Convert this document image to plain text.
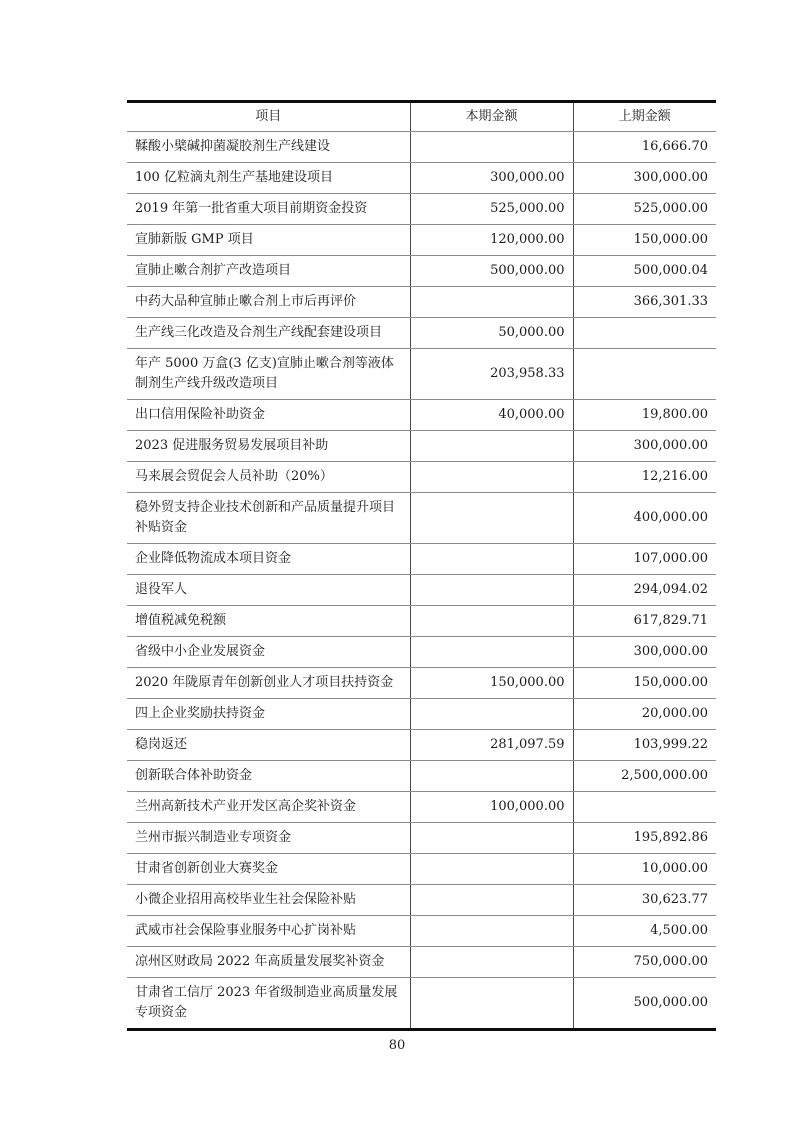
项目	本期金额	上期金额
鞣酸小檗碱抑菌凝胶剂生产线建设		16,666.70
100 亿粒滴丸剂生产基地建设项目	300,000.00	300,000.00
2019 年第一批省重大项目前期资金投资	525,000.00	525,000.00
宣肺新版 GMP 项目	120,000.00	150,000.00
宣肺止嗽合剂扩产改造项目	500,000.00	500,000.04
中药大品种宣肺止嗽合剂上市后再评价		366,301.33
生产线三化改造及合剂生产线配套建设项目	50,000.00	
年产 5000 万盒(3 亿支)宣肺止嗽合剂等液体制剂生产线升级改造项目	203,958.33	
出口信用保险补助资金	40,000.00	19,800.00
2023 促进服务贸易发展项目补助		300,000.00
马来展会贸促会人员补助（20%）		12,216.00
稳外贸支持企业技术创新和产品质量提升项目补贴资金		400,000.00
企业降低物流成本项目资金		107,000.00
退役军人		294,094.02
增值税减免税额		617,829.71
省级中小企业发展资金		300,000.00
2020 年陇原青年创新创业人才项目扶持资金	150,000.00	150,000.00
四上企业奖励扶持资金		20,000.00
稳岗返还	281,097.59	103,999.22
创新联合体补助资金		2,500,000.00
兰州高新技术产业开发区高企奖补资金	100,000.00	
兰州市振兴制造业专项资金		195,892.86
甘肃省创新创业大赛奖金		10,000.00
小微企业招用高校毕业生社会保险补贴		30,623.77
武威市社会保险事业服务中心扩岗补贴		4,500.00
凉州区财政局 2022 年高质量发展奖补资金		750,000.00
甘肃省工信厅 2023 年省级制造业高质量发展专项资金		500,000.00
80
